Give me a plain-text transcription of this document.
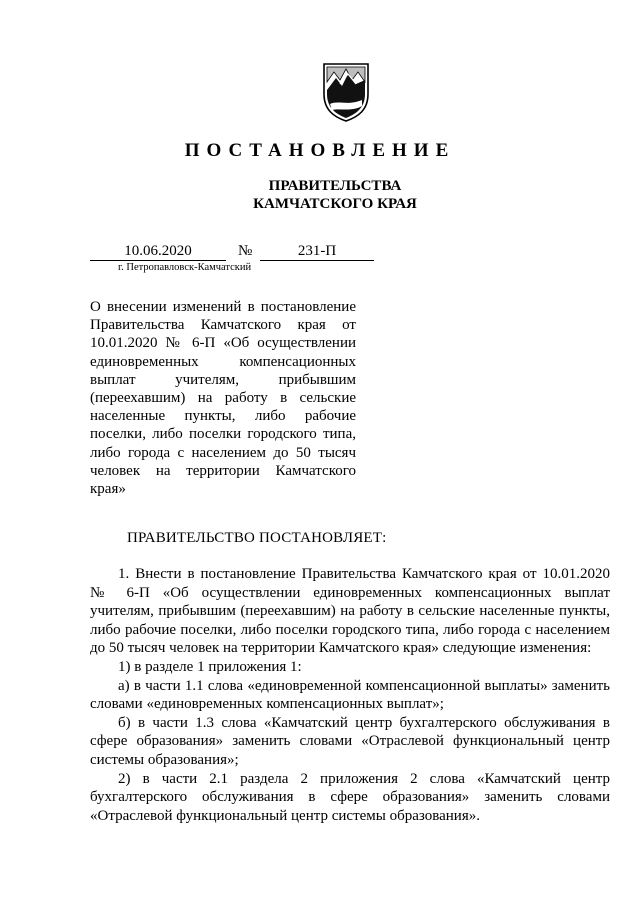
ПОСТАНОВЛЕНИЕ
ПРАВИТЕЛЬСТВА
КАМЧАТСКОГО КРАЯ
10.06.2020	№	231-П
г. Петропавловск-Камчатский
О внесении изменений в постановление Правительства Камчатского края от 10.01.2020 № 6-П «Об осуществлении единовременных компенсационных выплат учителям, прибывшим (переехавшим) на работу в сельские населенные пункты, либо рабочие поселки, либо поселки городского типа, либо города с населением до 50 тысяч человек на территории Камчатского края»
ПРАВИТЕЛЬСТВО ПОСТАНОВЛЯЕТ:

1. Внести в постановление Правительства Камчатского края от 10.01.2020 № 6-П «Об осуществлении единовременных компенсационных выплат учителям, прибывшим (переехавшим) на работу в сельские населенные пункты, либо рабочие поселки, либо поселки городского типа, либо города с населением до 50 тысяч человек на территории Камчатского края» следующие изменения:

1) в разделе 1 приложения 1:

а) в части 1.1 слова «единовременной компенсационной выплаты» заменить словами «единовременных компенсационных выплат»;

б) в части 1.3 слова «Камчатский центр бухгалтерского обслуживания в сфере образования» заменить словами «Отраслевой функциональный центр системы образования»;

2) в части 2.1 раздела 2 приложения 2 слова «Камчатский центр бухгалтерского обслуживания в сфере образования» заменить словами «Отраслевой функциональный центр системы образования».
